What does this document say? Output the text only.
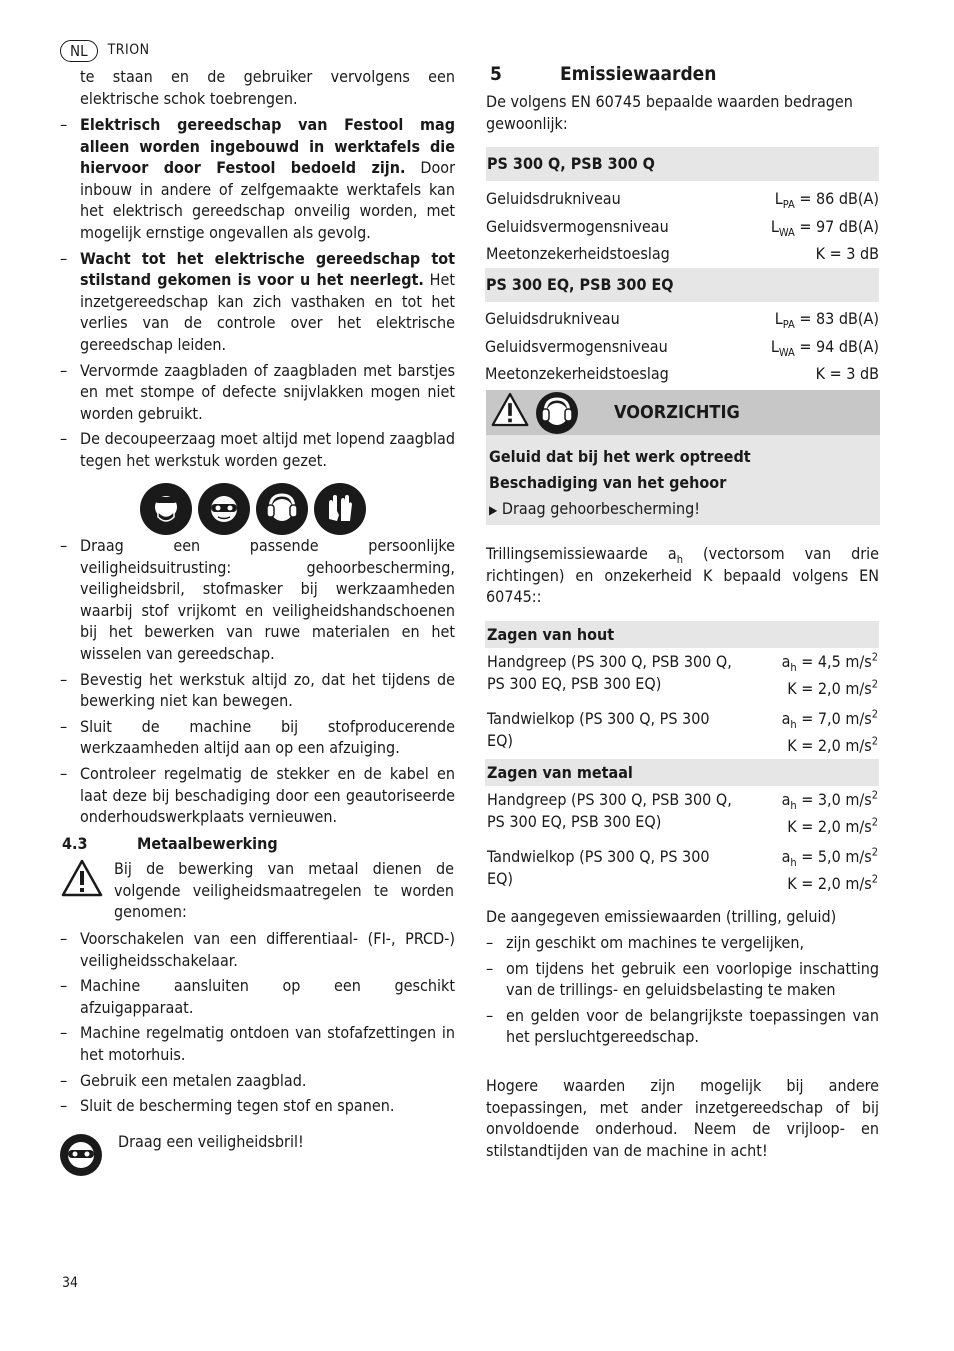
NL	TRION

te staan en de gebruiker vervolgens een elektrische schok toebrengen.

– Elektrisch gereedschap van Festool mag alleen worden ingebouwd in werktafels die hiervoor door Festool bedoeld zijn. Door inbouw in andere of zelfgemaakte werktafels kan het elektrisch gereedschap onveilig worden, met mogelijk ernstige ongevallen als gevolg.
– Wacht tot het elektrische gereedschap tot stilstand gekomen is voor u het neerlegt. Het inzetgereedschap kan zich vasthaken en tot het verlies van de controle over het elektrische gereedschap leiden.
– Vervormde zaagbladen of zaagbladen met barstjes en met stompe of defecte snijvlakken mogen niet worden gebruikt.
– De decoupeerzaag moet altijd met lopend zaagblad tegen het werkstuk worden gezet.
– Draag een passende persoonlijke veiligheidsuitrusting: gehoorbescherming, veiligheidsbril, stofmasker bij werkzaamheden waarbij stof vrijkomt en veiligheidshandschoenen bij het bewerken van ruwe materialen en het wisselen van gereedschap.
– Bevestig het werkstuk altijd zo, dat het tijdens de bewerking niet kan bewegen.
– Sluit de machine bij stofproducerende werkzaamheden altijd aan op een afzuiging.
– Controleer regelmatig de stekker en de kabel en laat deze bij beschadiging door een geautoriseerde onderhoudswerkplaats vernieuwen.
4.3	Metaalbewerking

Bij de bewerking van metaal dienen de volgende veiligheidsmaatregelen te worden genomen:

– Voorschakelen van een differentiaal- (FI-, PRCD-) veiligheidsschakelaar.
– Machine aansluiten op een geschikt afzuigapparaat.
– Machine regelmatig ontdoen van stofafzettingen in het motorhuis.
– Gebruik een metalen zaagblad.
– Sluit de bescherming tegen stof en spanen.
Draag een veiligheidsbril!
5	Emissiewaarden

De volgens EN 60745 bepaalde waarden bedragen gewoonlijk:

PS 300 Q, PSB 300 Q
Geluidsdrukniveau	$L_{PA} = 86$ dB(A)
Geluidsvermogensniveau	$L_{WA} = 97$ dB(A)
Meetonzekerheidstoeslag	K = 3 dB
PS 300 EQ, PSB 300 EQ
Geluidsdrukniveau	$L_{PA} = 83$ dB(A)
Geluidsvermogensniveau	$L_{WA} = 94$ dB(A)
Meetonzekerheidstoeslag	K = 3 dB
VOORZICHTIG
Geluid dat bij het werk optreedt
Beschadiging van het gehoor
▶ Draag gehoorbescherming!

Trillingsemissiewaarde $a_h$ (vectorsom van drie richtingen) en onzekerheid K bepaald volgens EN 60745::

Zagen van hout
Handgreep (PS 300 Q, PSB 300 Q, PS 300 EQ, PSB 300 EQ)
$a_h = 4,5$ $m/s^2$
K = 2,0 $m/s^2$
Tandwielkop (PS 300 Q, PS 300 EQ)
$a_h = 7,0$ $m/s^2$
K = 2,0 $m/s^2$
Zagen van metaal
Handgreep (PS 300 Q, PSB 300 Q, PS 300 EQ, PSB 300 EQ)
$a_h = 3,0$ $m/s^2$
K = 2,0 $m/s^2$
Tandwielkop (PS 300 Q, PS 300 EQ)
$a_h = 5,0$ $m/s^2$
K = 2,0 $m/s^2$

De aangegeven emissiewaarden (trilling, geluid)

– zijn geschikt om machines te vergelijken,
– om tijdens het gebruik een voorlopige inschatting van de trillings- en geluidsbelasting te maken
– en gelden voor de belangrijkste toepassingen van het persluchtgereedschap.

Hogere waarden zijn mogelijk bij andere toepassingen, met ander inzetgereedschap of bij onvoldoende onderhoud. Neem de vrijloop- en stilstandtijden van de machine in acht!

34
